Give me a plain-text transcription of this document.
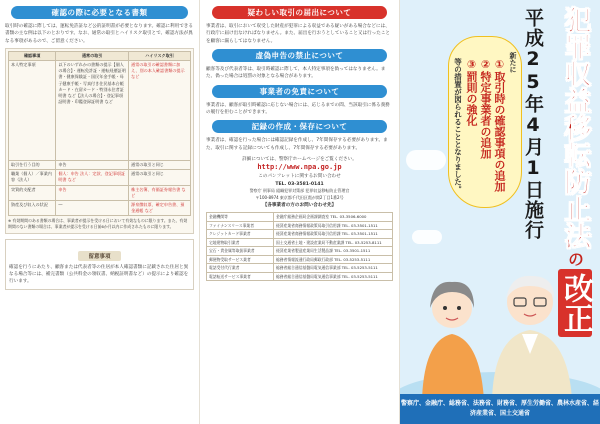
確認の際に必要となる書類

取引時の確認に際しては、運転免許証など公的証明書が必要となります。確認に利用できる書類の主な例は以下のとおりです。なお、通常の取引とハイリスク取引とで、確認方法が異なる事項があるので、ご留意ください。

確認事項	通常の取引	ハイリスク取引
本人特定事項	以下のいずれかの書類の提示【個人の場合】・運転免許証・運転経歴証明書・健康保険証・国民年金手帳・母子健康手帳・写真付き住民基本台帳カード・在留カード・特別永住者証明書 など【法人の場合】・登記事項証明書・印鑑登録証明書 など	通常の取引の確認書類に加え、別の本人確認書類の提示 など
取引を行う目的	申告	通常の取引と同じ
職業（個人）／事業内容（法人）	個人：申告 法人：定款、登記事項証明書 など	通常の取引と同じ
実質的支配者	申告	株主名簿、有価証券報告書 など
資産及び収入の状況	―	源泉徴収票、確定申告書、預金通帳 など

※ 有効期間のある書類の場合は、事業者が提示を受ける日において有効なものに限ります。また、有効期間のない書類の場合は、事業者が提示を受ける日前6か月以内に作成されたものに限ります。

留意事項

確認を行うにあたり、顧客または代表者等の住居が本人確認書類に記載された住居と異なる場合等には、補完書類（公共料金の領収書、納税証明書など）の提示により確認を行います。

疑わしい取引の届出について

事業者は、取引において収受した財産が犯罪による収益である疑いがある場合などには、行政庁に届け出なければなりません。また、届出を行おうとしていること又は行ったことを顧客に漏らしてはなりません。

虚偽申告の禁止について

顧客等及び代表者等は、取引時確認に際して、本人特定事項を偽ってはなりません。また、偽った場合は処罰の対象となる場合があります。

事業者の免責について

事業者は、顧客が取引時確認に応じない場合には、応じるまでの間、当該取引に係る義務の履行を拒むことができます。

記録の作成・保存について

事業者は、確認を行った場合には確認記録を作成し、7年間保存する必要があります。また、取引に関する記録についても作成し、7年間保存する必要があります。

詳細については、警察庁ホームページをご覧ください。

http://www.npa.go.jp

このパンフレットに関するお問い合わせ

TEL. 03-3581-0141

警察庁 刑事局 組織犯罪対策部 犯罪収益移転防止管理官

〒100-8974 東京都千代田区霞が関2丁目1番2号

【各事業者の方のお問い合わせ先】

金融機関等	金融庁総務企画局企画課調査室 TEL. 03-3506-6000
ファイナンスリース事業者	経済産業省商務情報政策局取引信用課 TEL. 03-3501-1511
クレジットカード事業者	経済産業省商務情報政策局取引信用課 TEL. 03-3501-1511
宅地建物取引業者	国土交通省土地・建設産業局不動産業課 TEL. 03-5253-8111
宝石・貴金属等取扱事業者	経済産業省製造産業局生活製品課 TEL. 03-3501-1511
郵便物受取サービス業者	総務省情報流通行政局郵政行政部 TEL. 03-5253-5111
電話受付代行業者	総務省総合通信基盤局電気通信事業部 TEL. 03-5253-5111
電話転送サービス事業者	総務省総合通信基盤局電気通信事業部 TEL. 03-5253-5111
犯罪収益移転防止法
の
改正
平成25年4月1日施行
新たに
①取引時の確認事項の追加
②特定事業者の追加
③罰則の強化
等の措置が図られることとなりました。
警察庁、金融庁、総務省、法務省、財務省、厚生労働省、農林水産省、経済産業省、国土交通省
